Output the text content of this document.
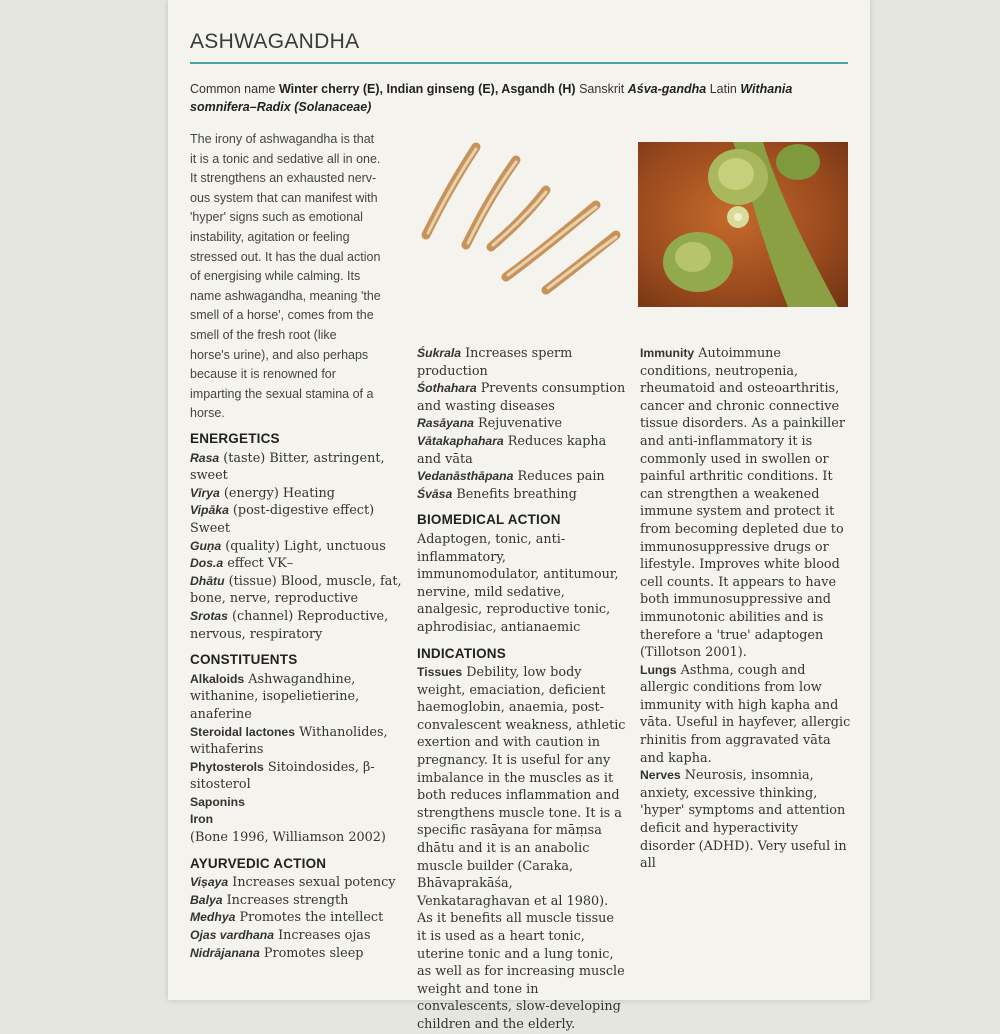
ASHWAGANDHA
Common name Winter cherry (E), Indian ginseng (E), Asgandh (H) Sanskrit Aśva-gandha Latin Withania somnifera–Radix (Solanaceae)
The irony of ashwagandha is that
it is a tonic and sedative all in one.
It strengthens an exhausted nerv-
ous system that can manifest with
'hyper' signs such as emotional
instability, agitation or feeling
stressed out. It has the dual action
of energising while calming. Its
name ashwagandha, meaning 'the
smell of a horse', comes from the
smell of the fresh root (like
horse's urine), and also perhaps
because it is renowned for
imparting the sexual stamina of a
horse.
ENERGETICS

Rasa (taste) Bitter, astringent, sweet

Vīrya (energy) Heating

Vipāka (post-digestive effect) Sweet

Guṇa (quality) Light, unctuous

Dos.a effect VK–

Dhātu (tissue) Blood, muscle, fat, bone, nerve, reproductive

Srotas (channel) Reproductive, nervous, respiratory

CONSTITUENTS

Alkaloids Ashwagandhine, withanine, isopelietierine, anaferine

Steroidal lactones Withanolides, withaferins

Phytosterols Sitoindosides, β-sitosterol

Saponins

Iron

(Bone 1996, Williamson 2002)

AYURVEDIC ACTION

Viṣaya Increases sexual potency

Balya Increases strength

Medhya Promotes the intellect

Ojas vardhana Increases ojas

Nidrājanana Promotes sleep

Śukrala Increases sperm production

Śothahara Prevents consumption and wasting diseases

Rasāyana Rejuvenative

Vātakaphahara Reduces kapha and vāta

Vedanāsthāpana Reduces pain

Śvāsa Benefits breathing

BIOMEDICAL ACTION

Adaptogen, tonic, anti-inflammatory, immunomodulator, antitumour, nervine, mild sedative, analgesic, reproductive tonic, aphrodisiac, antianaemic

INDICATIONS

Tissues Debility, low body weight, emaciation, deficient haemoglobin, anaemia, post-convalescent weakness, athletic exertion and with caution in pregnancy. It is useful for any imbalance in the muscles as it both reduces inflammation and strengthens muscle tone. It is a specific rasāyana for māṃsa dhātu and it is an anabolic muscle builder (Caraka, Bhāvaprakāśa, Venkataraghavan et al 1980). As it benefits all muscle tissue it is used as a heart tonic, uterine tonic and a lung tonic, as well as for increasing muscle weight and tone in convalescents, slow-developing children and the elderly.

Immunity Autoimmune conditions, neutropenia, rheumatoid and osteoarthritis, cancer and chronic connective tissue disorders. As a painkiller and anti-inflammatory it is commonly used in swollen or painful arthritic conditions. It can strengthen a weakened immune system and protect it from becoming depleted due to immunosuppressive drugs or lifestyle. Improves white blood cell counts. It appears to have both immunosuppressive and immunotonic abilities and is therefore a 'true' adaptogen (Tillotson 2001).

Lungs Asthma, cough and allergic conditions from low immunity with high kapha and vāta. Useful in hayfever, allergic rhinitis from aggravated vāta and kapha.

Nerves Neurosis, insomnia, anxiety, excessive thinking, 'hyper' symptoms and attention deficit and hyperactivity disorder (ADHD). Very useful in all
